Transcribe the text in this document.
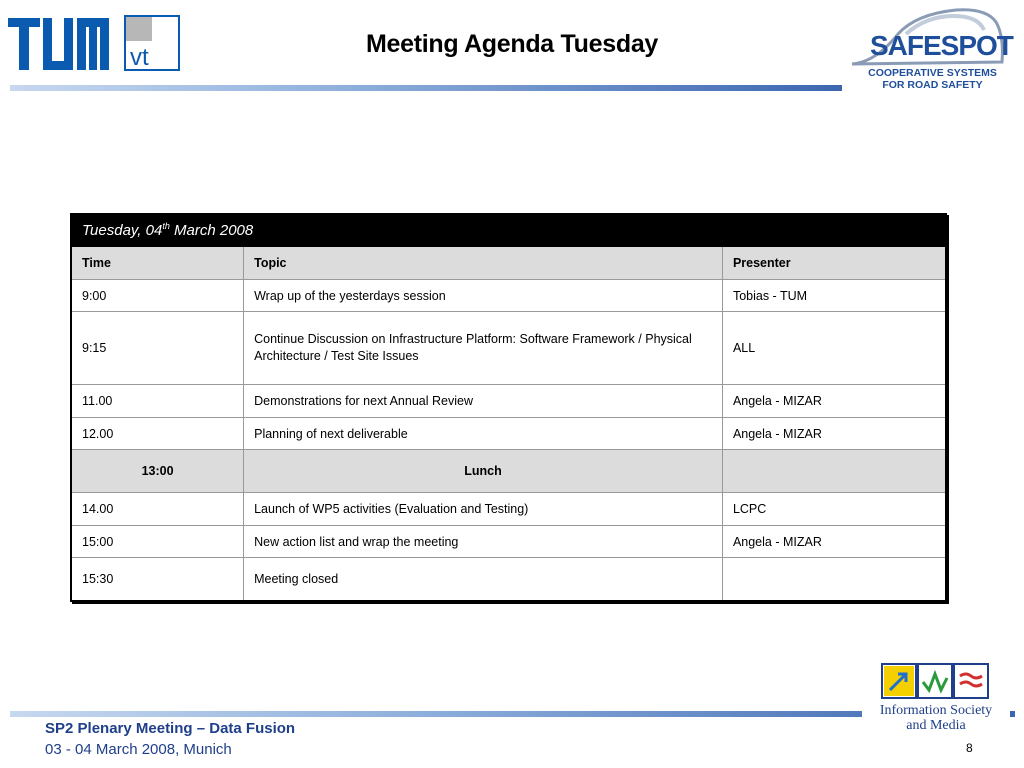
vt	Meeting Agenda Tuesday	SAFESPOT
COOPERATIVE SYSTEMS
FOR ROAD SAFETY
Tuesday, 04th March 2008		
Time	Topic	Presenter
9:00	Wrap up of the yesterdays session	Tobias - TUM
9:15	Continue Discussion on Infrastructure Platform: Software Framework / Physical Architecture / Test Site Issues	ALL
11.00	Demonstrations for next Annual Review	Angela - MIZAR
12.00	Planning of next deliverable	Angela - MIZAR
13:00	Lunch	
14.00	Launch of WP5 activities (Evaluation and Testing)	LCPC
15:00	New action list and wrap the meeting	Angela - MIZAR
15:30	Meeting closed	
SP2 Plenary Meeting – Data Fusion
03 - 04 March 2008, Munich	8
Information Society
and Media
